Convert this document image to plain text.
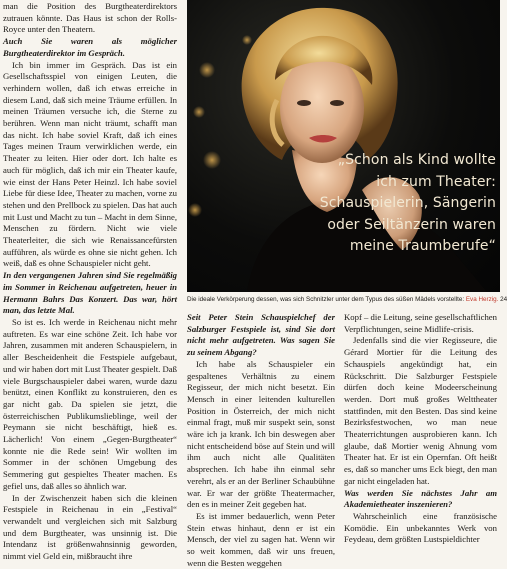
man die Position des Burgtheaterdirektors zutrauen könnte. Das Haus ist schon der Rolls-Royce unter den Theatern.

Auch Sie waren als möglicher Burgtheaterdirektor im Gespräch.

Ich bin immer im Gespräch. Das ist ein Gesellschaftsspiel von einigen Leuten, die verhindern wollen, daß ich etwas erreiche in diesem Land, daß sich meine Träume erfüllen. In meinen Träumen versuche ich, die Sterne zu berühren. Wenn man nicht träumt, schafft man das nicht. Ich habe soviel Kraft, daß ich eines Tages meinen Traum verwirklichen werde, ein Theater zu leiten. Hier oder dort. Ich halte es auch für möglich, daß ich mir ein Theater kaufe, wie einst der Hans Peter Heinzl. Ich habe soviel Liebe für diese Idee, Theater zu machen, vorne zu stehen und den Prellbock zu spielen. Das hat auch mit Lust und Macht zu tun – Macht in dem Sinne, Menschen zu fördern. Nicht wie viele Theaterleiter, die sich wie Renaissancefürsten aufführen, als würde es ohne sie nicht gehen. Ich weiß, daß es ohne Schauspieler nicht geht.

In den vergangenen Jahren sind Sie regelmäßig im Sommer in Reichenau aufgetreten, heuer in Hermann Bahrs Das Konzert. Das war, hört man, das letzte Mal.

So ist es. Ich werde in Reichenau nicht mehr auftreten. Es war eine schöne Zeit. Ich habe vor Jahren, zusammen mit anderen Schauspielern, in aller Bescheidenheit die Festspiele aufgebaut, und wir haben dort mit Lust Theater gespielt. Daß viele Burgschauspieler dabei waren, wurde dazu benützt, einen Konflikt zu konstruieren, den es gar nicht gab. Da spielen sie jetzt, die österreichischen Publikumslieblinge, weil der Peymann sie nicht beschäftigt, hieß es. Lächerlich! Von einem „Gegen-Burgtheater“ konnte nie die Rede sein! Wir wollten im Sommer in der schönen Umgebung des Semmering gut gespieltes Theater machen. Es gefiel uns, daß alles so ähnlich war.

In der Zwischenzeit haben sich die kleinen Festspiele in Reichenau in ein „Festival“ verwandelt und vergleichen sich mit Salzburg und dem Burgtheater, was unsinnig ist. Die Intendanz ist größenwahnsinnig geworden, nimmt viel Geld ein, mißbraucht ihre

„Schon als Kind wollte
ich zum Theater:
Schauspielerin, Sängerin
oder Seiltänzerin waren
meine Traumberufe“
Die ideale Verkörperung dessen, was sich Schnitzler unter dem Typus des süßen Mädels vorstellte: Eva Herzig. 24

Seit Peter Stein Schauspielchef der Salzburger Festspiele ist, sind Sie dort nicht mehr aufgetreten. Was sagen Sie zu seinem Abgang?

Ich habe als Schauspieler ein gespaltenes Verhältnis zu einem Regisseur, der mich nicht besetzt. Ein Mensch in einer leitenden kulturellen Position in Österreich, der mich nicht einmal fragt, muß mir suspekt sein, sonst wäre ich ja krank. Ich bin deswegen aber nicht entscheidend böse auf Stein und will ihm auch nicht alle Qualitäten absprechen. Ich habe ihn einmal sehr verehrt, als er an der Berliner Schaubühne war. Er war der größte Theatermacher, den es in meiner Zeit gegeben hat.

Es ist immer bedauerlich, wenn Peter Stein etwas hinhaut, denn er ist ein Mensch, der viel zu sagen hat. Wenn wir so weit kommen, daß wir uns freuen, wenn die Besten weggehen

Kopf – die Leitung, seine gesellschaftlichen Verpflichtungen, seine Midlife-crisis.

Jedenfalls sind die vier Regisseure, die Gérard Mortier für die Leitung des Schauspiels angekündigt hat, ein Rückschritt. Die Salzburger Festspiele dürfen doch keine Modeerscheinung werden. Dort muß großes Welttheater stattfinden, mit den Besten. Das sind keine Bezirksfestwochen, wo man neue Theaterrichtungen ausprobieren kann. Ich glaube, daß Mortier wenig Ahnung vom Theater hat. Er ist ein Opernfan. Oft heißt es, daß so mancher ums Eck biegt, den man gar nicht eingeladen hat.

Was werden Sie nächstes Jahr am Akademietheater inszenieren?

Wahrscheinlich eine französische Komödie. Ein unbekanntes Werk von Feydeau, dem größten Lustspieldichter
